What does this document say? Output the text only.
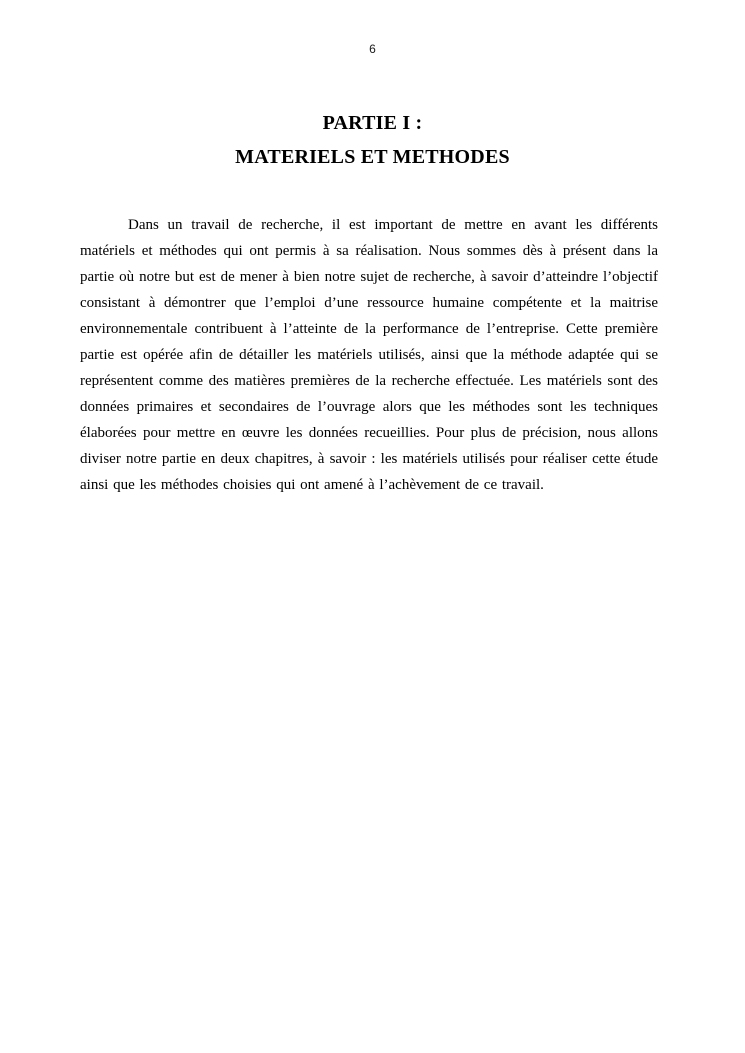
6
PARTIE I :
MATERIELS ET METHODES

Dans un travail de recherche, il est important de mettre en avant les différents matériels et méthodes qui ont permis à sa réalisation. Nous sommes dès à présent dans la partie où notre but est de mener à bien notre sujet de recherche, à savoir d’atteindre l’objectif consistant à démontrer que l’emploi d’une ressource humaine compétente et la maitrise environnementale contribuent à l’atteinte de la performance de l’entreprise. Cette première partie est opérée afin de détailler les matériels utilisés, ainsi que la méthode adaptée qui se représentent comme des matières premières de la recherche effectuée. Les matériels sont des données primaires et secondaires de l’ouvrage alors que les méthodes sont les techniques élaborées pour mettre en œuvre les données recueillies. Pour plus de précision, nous allons diviser notre partie en deux chapitres, à savoir : les matériels utilisés pour réaliser cette étude ainsi que les méthodes choisies qui ont amené à l’achèvement de ce travail.
